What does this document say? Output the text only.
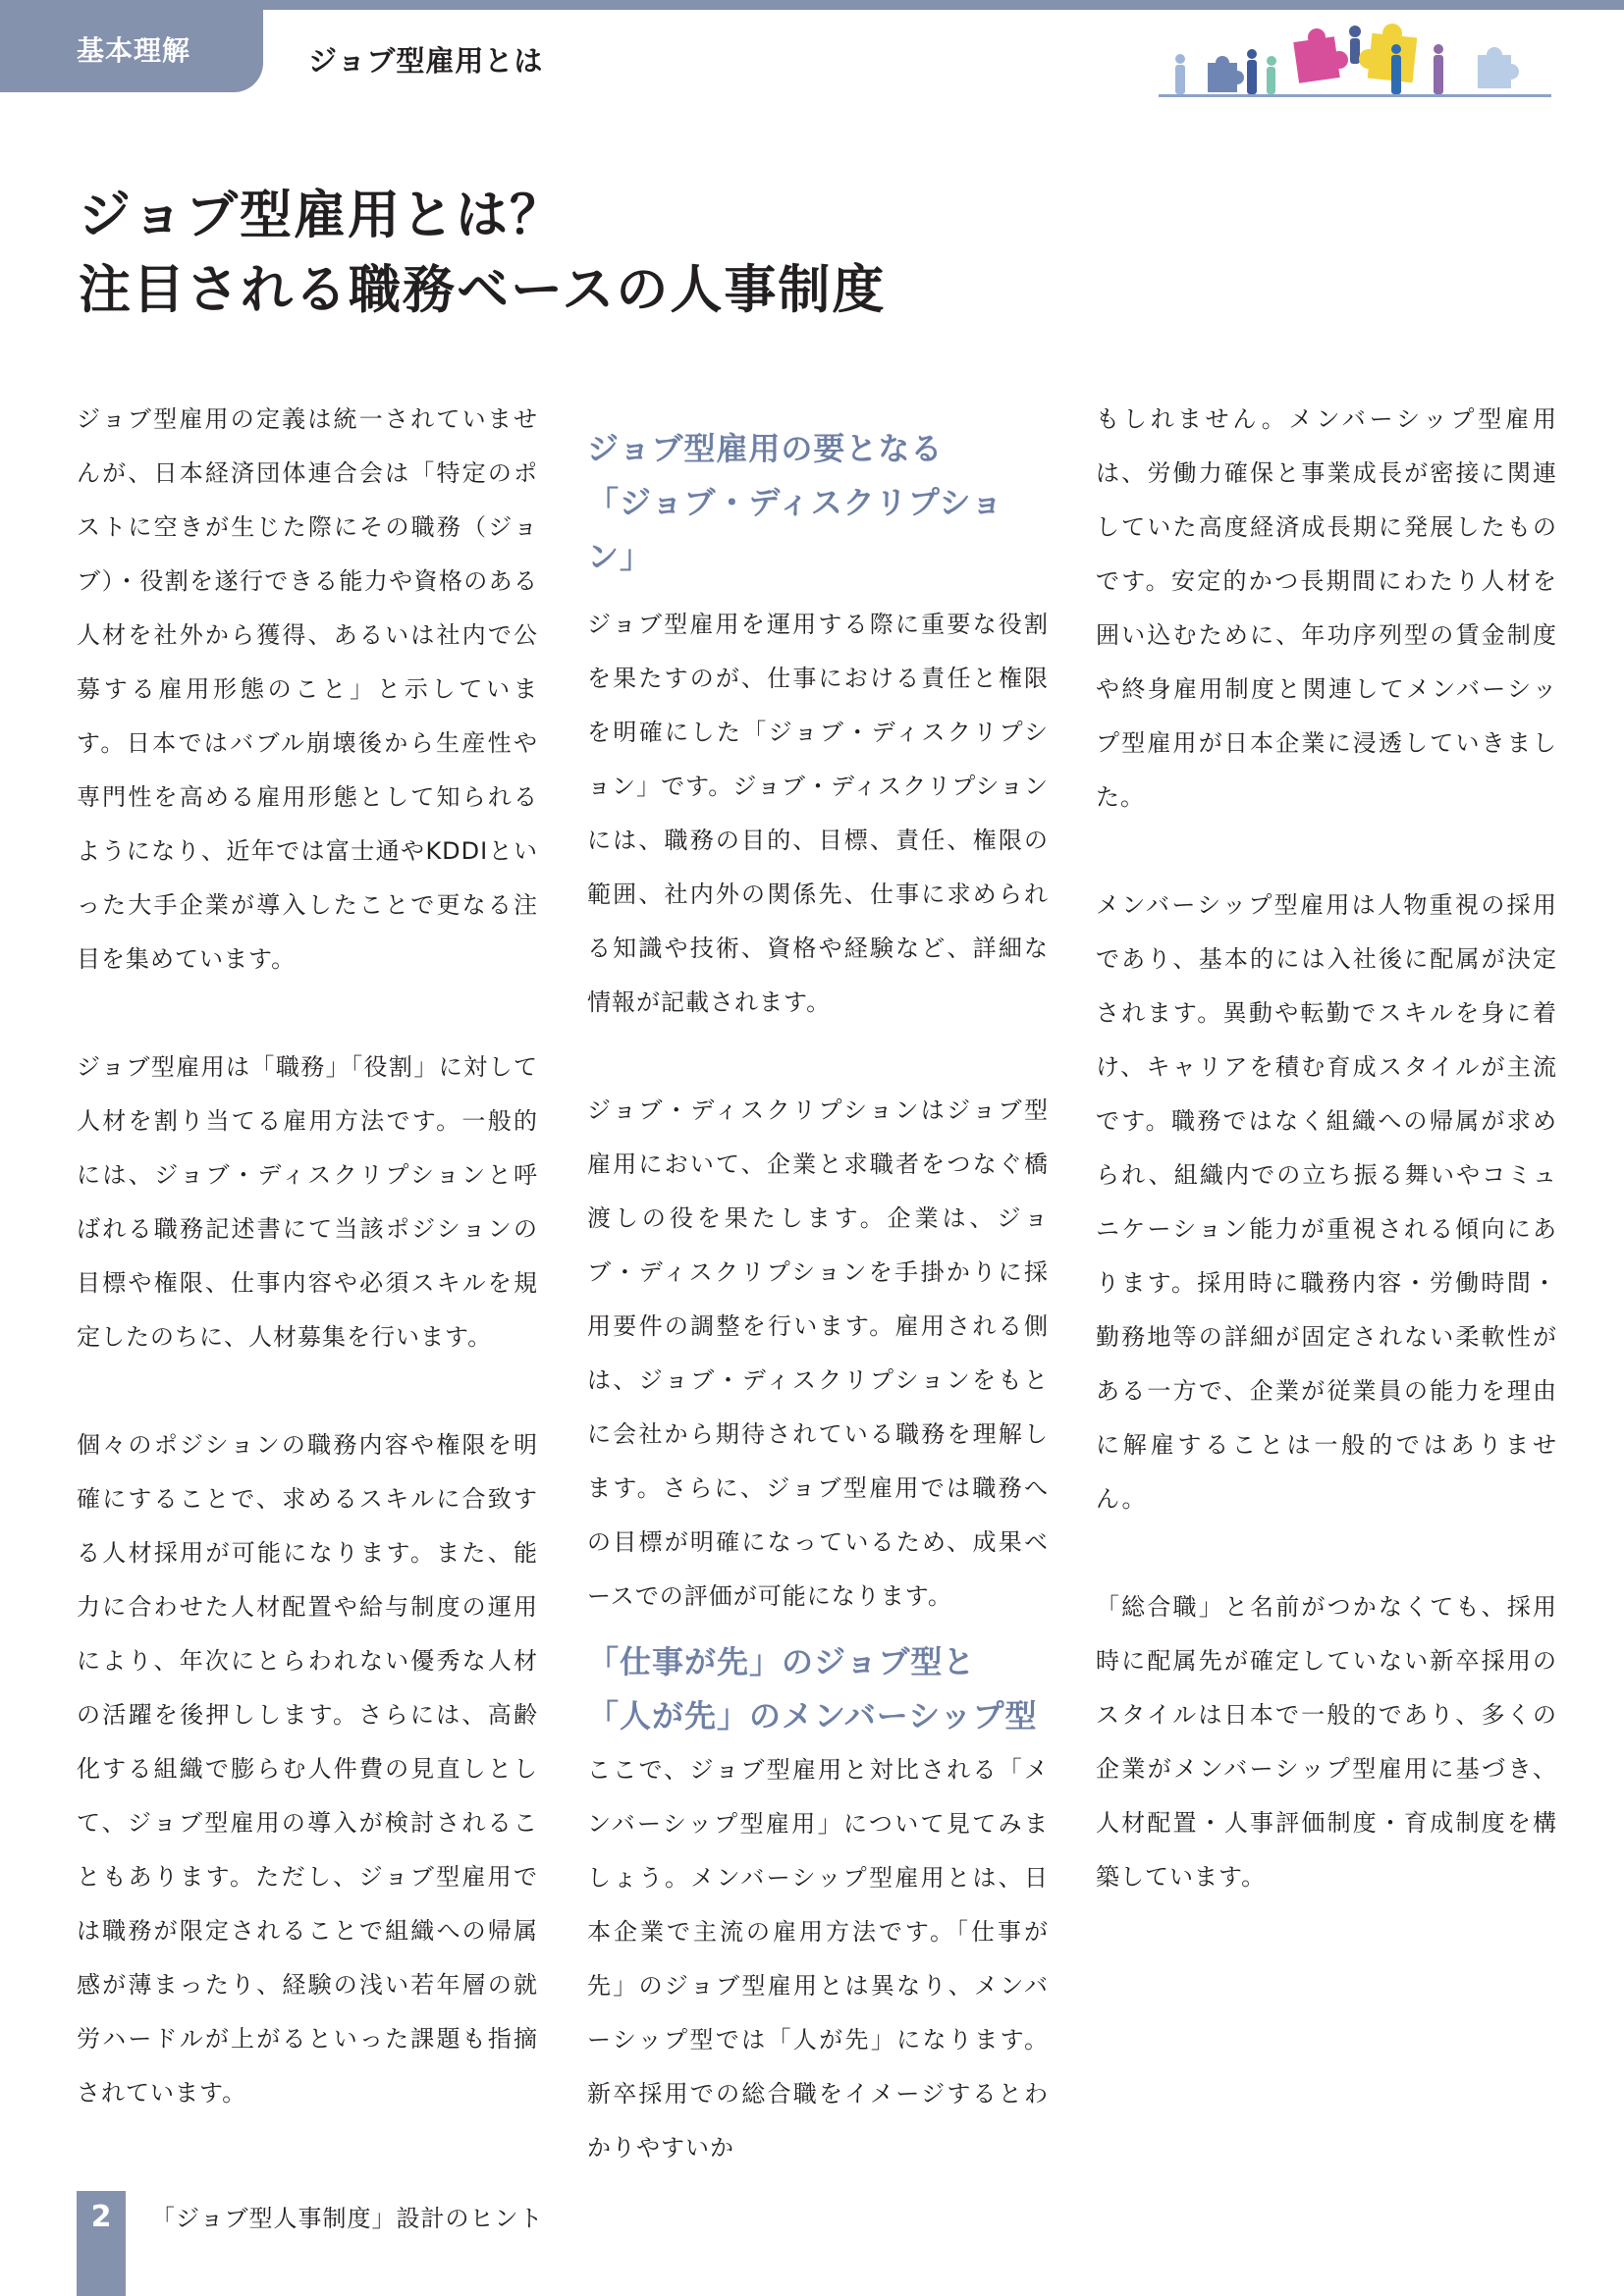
基本理解	ジョブ型雇用とは
ジョブ型雇用とは？
注目される職務ベースの人事制度

ジョブ型雇用の定義は統一されていませんが、日本経済団体連合会は「特定のポストに空きが生じた際にその職務（ジョブ）・役割を遂行できる能力や資格のある人材を社外から獲得、あるいは社内で公募する雇用形態のこと」と示しています。日本ではバブル崩壊後から生産性や専門性を高める雇用形態として知られるようになり、近年では富士通やKDDIといった大手企業が導入したことで更なる注目を集めています。

ジョブ型雇用は「職務」「役割」に対して人材を割り当てる雇用方法です。一般的には、ジョブ・ディスクリプションと呼ばれる職務記述書にて当該ポジションの目標や権限、仕事内容や必須スキルを規定したのちに、人材募集を行います。

個々のポジションの職務内容や権限を明確にすることで、求めるスキルに合致する人材採用が可能になります。また、能力に合わせた人材配置や給与制度の運用により、年次にとらわれない優秀な人材の活躍を後押しします。さらには、高齢化する組織で膨らむ人件費の見直しとして、ジョブ型雇用の導入が検討されることもあります。ただし、ジョブ型雇用では職務が限定されることで組織への帰属感が薄まったり、経験の浅い若年層の就労ハードルが上がるといった課題も指摘されています。

ジョブ型雇用の要となる
「ジョブ・ディスクリプション」

ジョブ型雇用を運用する際に重要な役割を果たすのが、仕事における責任と権限を明確にした「ジョブ・ディスクリプション」です。ジョブ・ディスクリプションには、職務の目的、目標、責任、権限の範囲、社内外の関係先、仕事に求められる知識や技術、資格や経験など、詳細な情報が記載されます。

ジョブ・ディスクリプションはジョブ型雇用において、企業と求職者をつなぐ橋渡しの役を果たします。企業は、ジョブ・ディスクリプションを手掛かりに採用要件の調整を行います。雇用される側は、ジョブ・ディスクリプションをもとに会社から期待されている職務を理解します。さらに、ジョブ型雇用では職務への目標が明確になっているため、成果ベースでの評価が可能になります。

「仕事が先」のジョブ型と
「人が先」のメンバーシップ型

ここで、ジョブ型雇用と対比される「メンバーシップ型雇用」について見てみましょう。メンバーシップ型雇用とは、日本企業で主流の雇用方法です。「仕事が先」のジョブ型雇用とは異なり、メンバーシップ型では「人が先」になります。新卒採用での総合職をイメージするとわかりやすいか

もしれません。メンバーシップ型雇用は、労働力確保と事業成長が密接に関連していた高度経済成長期に発展したものです。安定的かつ長期間にわたり人材を囲い込むために、年功序列型の賃金制度や終身雇用制度と関連してメンバーシップ型雇用が日本企業に浸透していきました。

メンバーシップ型雇用は人物重視の採用であり、基本的には入社後に配属が決定されます。異動や転勤でスキルを身に着け、キャリアを積む育成スタイルが主流です。職務ではなく組織への帰属が求められ、組織内での立ち振る舞いやコミュニケーション能力が重視される傾向にあります。採用時に職務内容・労働時間・勤務地等の詳細が固定されない柔軟性がある一方で、企業が従業員の能力を理由に解雇することは一般的ではありません。

「総合職」と名前がつかなくても、採用時に配属先が確定していない新卒採用のスタイルは日本で一般的であり、多くの企業がメンバーシップ型雇用に基づき、人材配置・人事評価制度・育成制度を構築しています。

2	「ジョブ型人事制度」設計のヒント
